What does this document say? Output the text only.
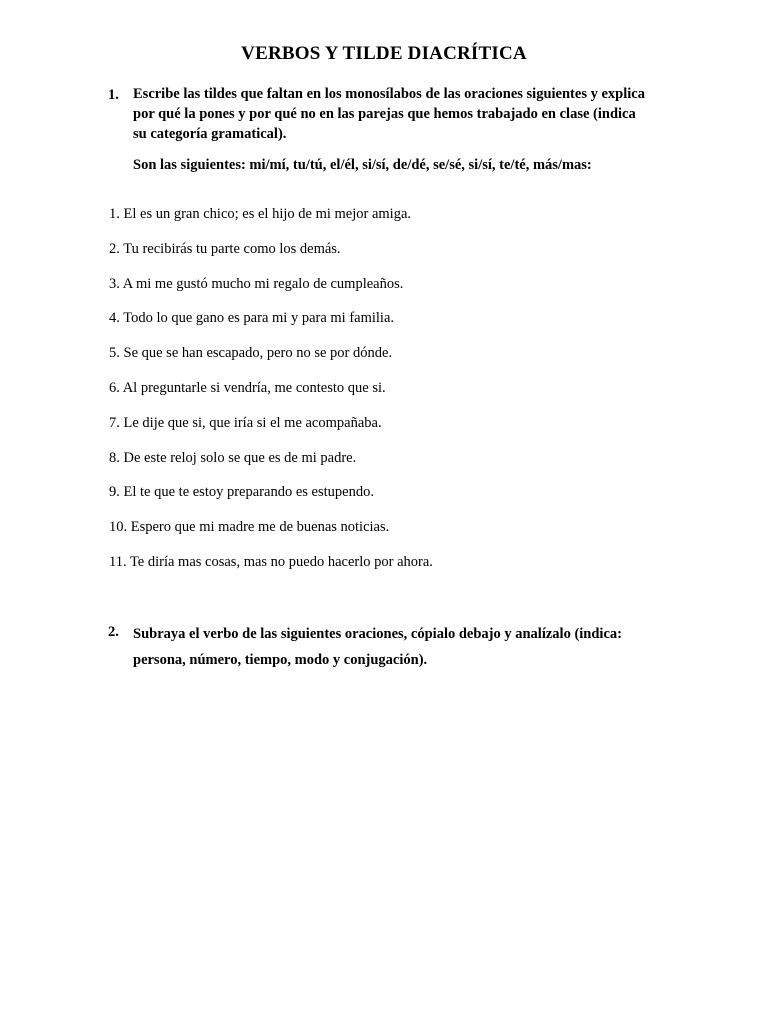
VERBOS Y TILDE DIACRÍTICA
1. Escribe las tildes que faltan en los monosílabos de las oraciones siguientes y explica por qué la pones y por qué no en las parejas que hemos trabajado en clase (indica su categoría gramatical).

Son las siguientes: mi/mí, tu/tú, el/él, si/sí, de/dé, se/sé, si/sí, te/té, más/mas:
1. El es un gran chico; es el hijo de mi mejor amiga.
2. Tu recibirás tu parte como los demás.
3. A mi me gustó mucho mi regalo de cumpleaños.
4. Todo lo que gano es para mi y para mi familia.
5. Se que se han escapado, pero no se por dónde.
6. Al preguntarle si vendría, me contesto que si.
7. Le dije que si, que iría si el me acompañaba.
8. De este reloj solo se que es de mi padre.
9. El te que te estoy preparando es estupendo.
10. Espero que mi madre me de buenas noticias.
11. Te diría mas cosas, mas no puedo hacerlo por ahora.
2. Subraya el verbo de las siguientes oraciones, cópialo debajo y analízalo (indica: persona, número, tiempo, modo y conjugación).
